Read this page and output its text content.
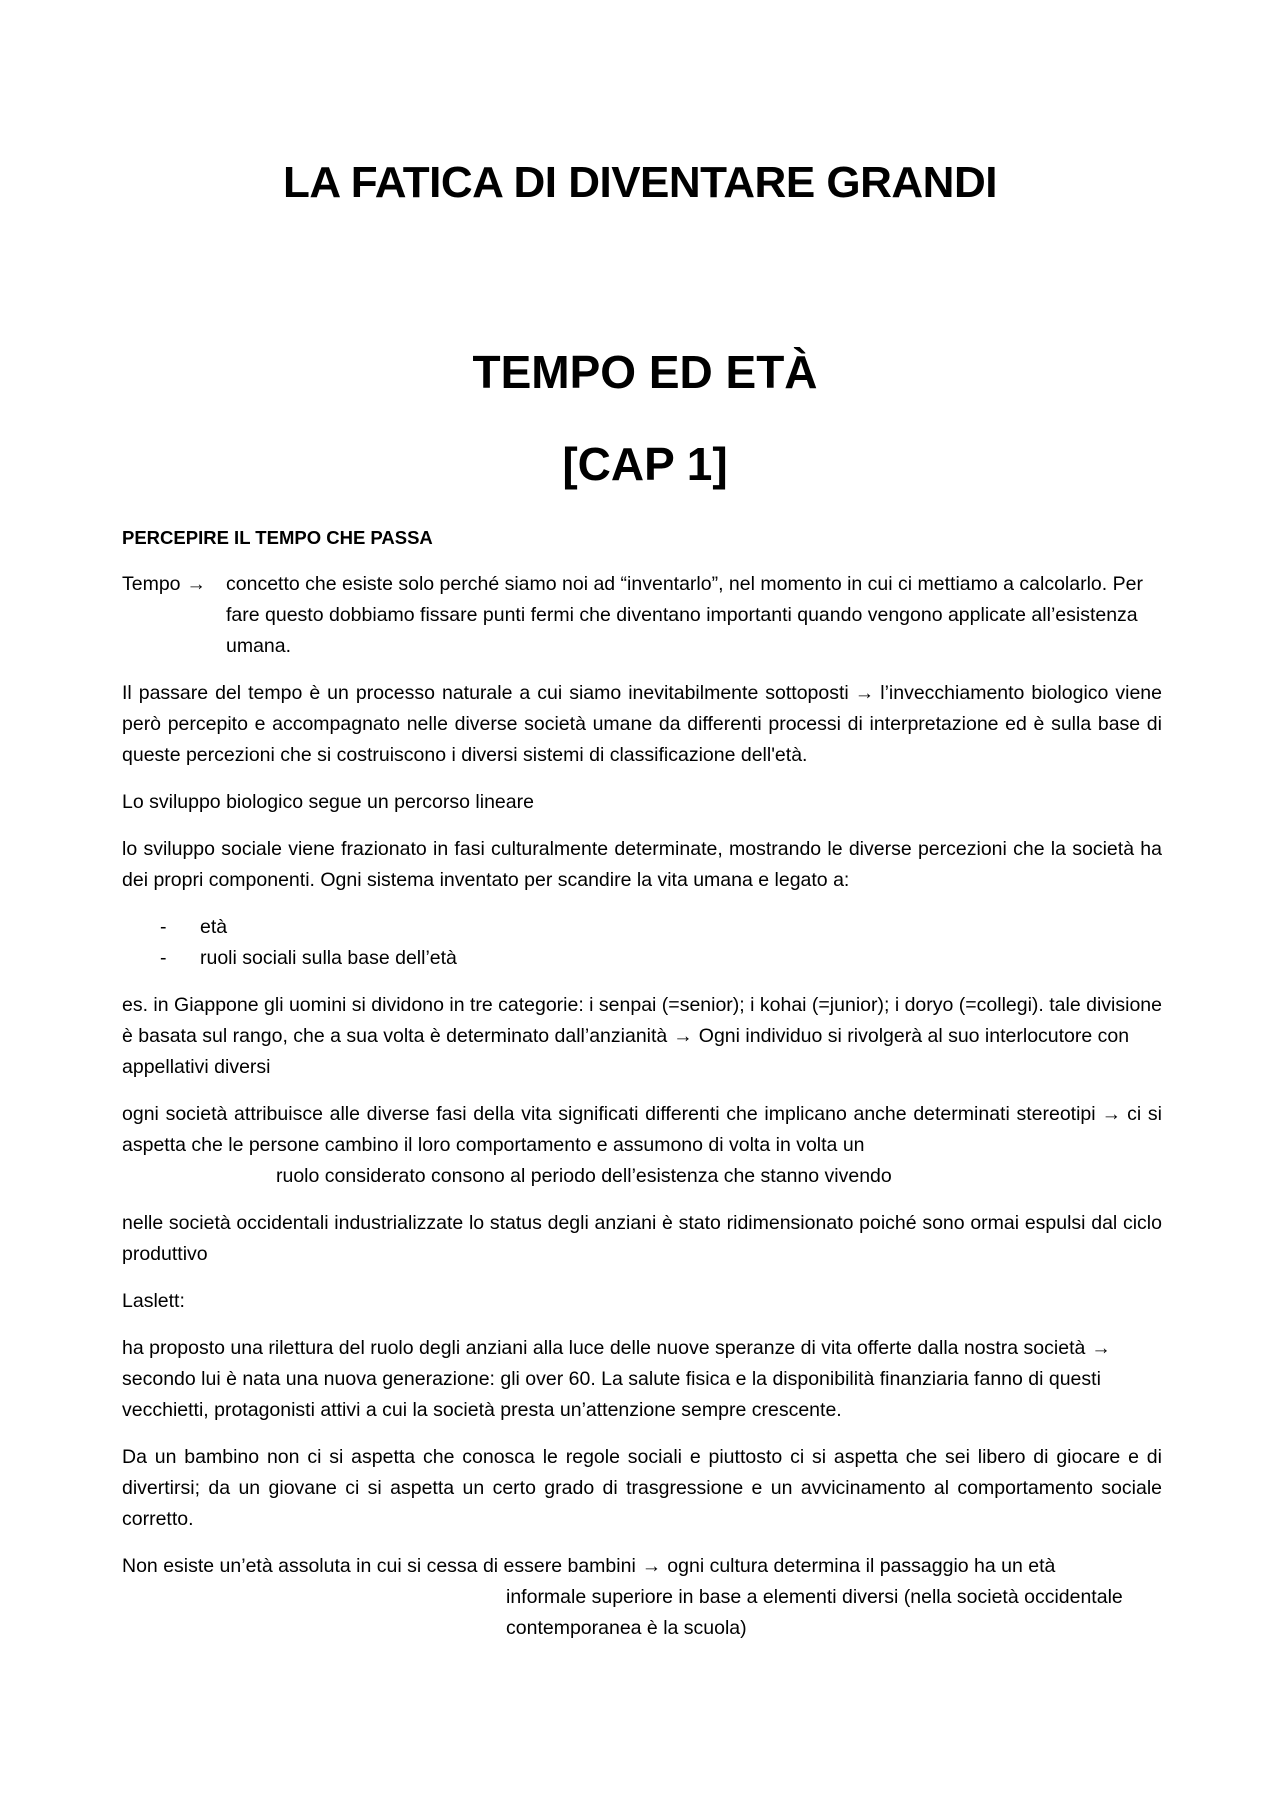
LA FATICA DI DIVENTARE GRANDI
TEMPO ED ETÀ
[CAP 1]
PERCEPIRE IL TEMPO CHE PASSA

Tempo →	concetto che esiste solo perché siamo noi ad “inventarlo”, nel momento in cui ci mettiamo a calcolarlo. Per fare questo dobbiamo fissare punti fermi che diventano importanti quando vengono applicate all’esistenza umana.

Il passare del tempo è un processo naturale a cui siamo inevitabilmente sottoposti → l’invecchiamento biologico viene però percepito e accompagnato nelle diverse società umane da differenti processi di interpretazione ed è sulla base di queste percezioni che si costruiscono i diversi sistemi di classificazione dell'età.

Lo sviluppo biologico segue un percorso lineare

lo sviluppo sociale viene frazionato in fasi culturalmente determinate, mostrando le diverse percezioni che la società ha dei propri componenti. Ogni sistema inventato per scandire la vita umana e legato a:

- età
- ruoli sociali sulla base dell’età

es. in Giappone gli uomini si dividono in tre categorie: i senpai (=senior); i kohai (=junior); i doryo (=collegi). tale divisione è basata sul rango, che a sua volta è determinato dall’anzianità → Ogni individuo si rivolgerà al suo interlocutore con appellativi diversi

ogni società attribuisce alle diverse fasi della vita significati differenti che implicano anche determinati stereotipi → ci si aspetta che le persone cambino il loro comportamento e assumono di volta in volta un
ruolo considerato consono al periodo dell’esistenza che stanno vivendo

nelle società occidentali industrializzate lo status degli anziani è stato ridimensionato poiché sono ormai espulsi dal ciclo produttivo

Laslett:

ha proposto una rilettura del ruolo degli anziani alla luce delle nuove speranze di vita offerte dalla nostra società →secondo lui è nata una nuova generazione: gli over 60. La salute fisica e la disponibilità finanziaria fanno di questi vecchietti, protagonisti attivi a cui la società presta un’attenzione sempre crescente.

Da un bambino non ci si aspetta che conosca le regole sociali e piuttosto ci si aspetta che sei libero di giocare e di divertirsi; da un giovane ci si aspetta un certo grado di trasgressione e un avvicinamento al comportamento sociale corretto.

Non esiste un’età assoluta in cui si cessa di essere bambini → ogni cultura determina il passaggio ha un età
informale superiore in base a elementi diversi (nella società occidentale contemporanea è la scuola)
